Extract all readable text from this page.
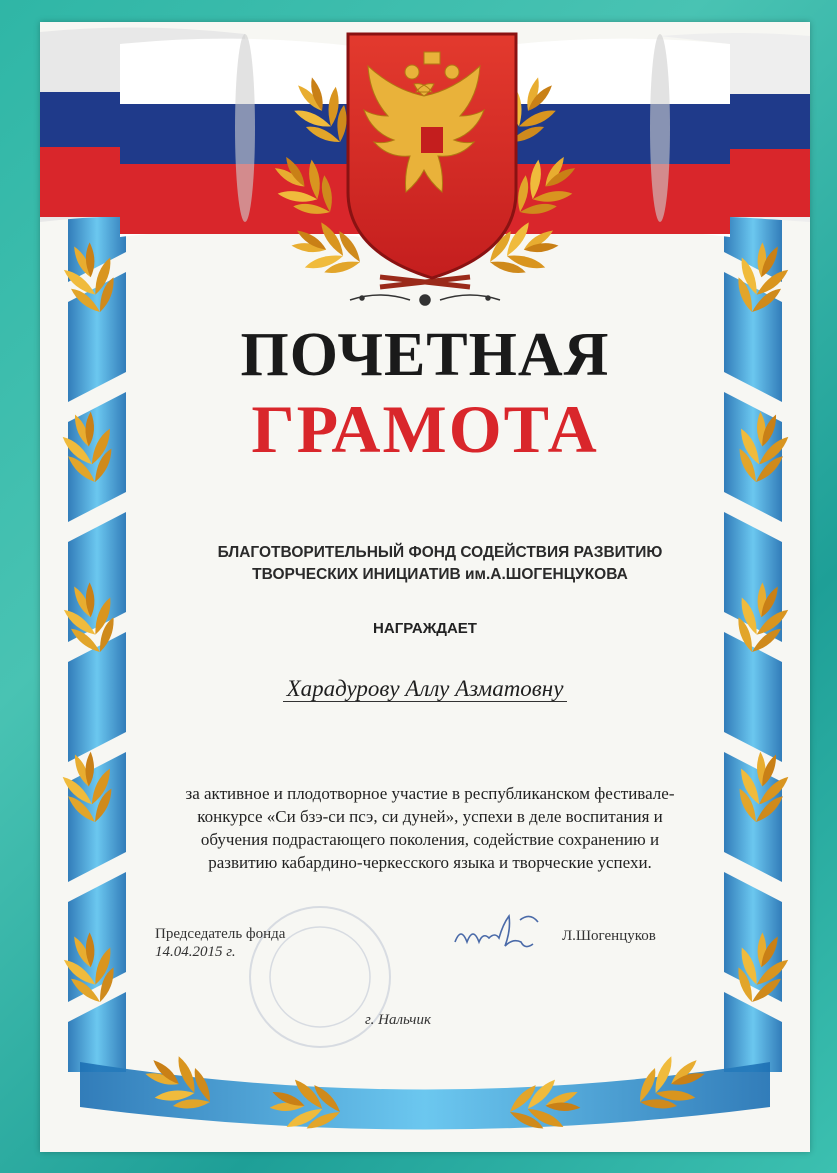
ПОЧЕТНАЯ
ГРАМОТА
БЛАГОТВОРИТЕЛЬНЫЙ ФОНД СОДЕЙСТВИЯ РАЗВИТИЮ
ТВОРЧЕСКИХ ИНИЦИАТИВ им.А.ШОГЕНЦУКОВА
НАГРАЖДАЕТ
Харадурову Аллу Азматовну
за активное и плодотворное участие в республиканском фестивале-
конкурсе «Си бзэ-си псэ, си дуней», успехи в деле воспитания и
обучения подрастающего поколения, содействие сохранению и
развитию кабардино-черкесского языка и творческие успехи.
Председатель фонда
14.04.2015 г.
Л.Шогенцуков
г. Нальчик
